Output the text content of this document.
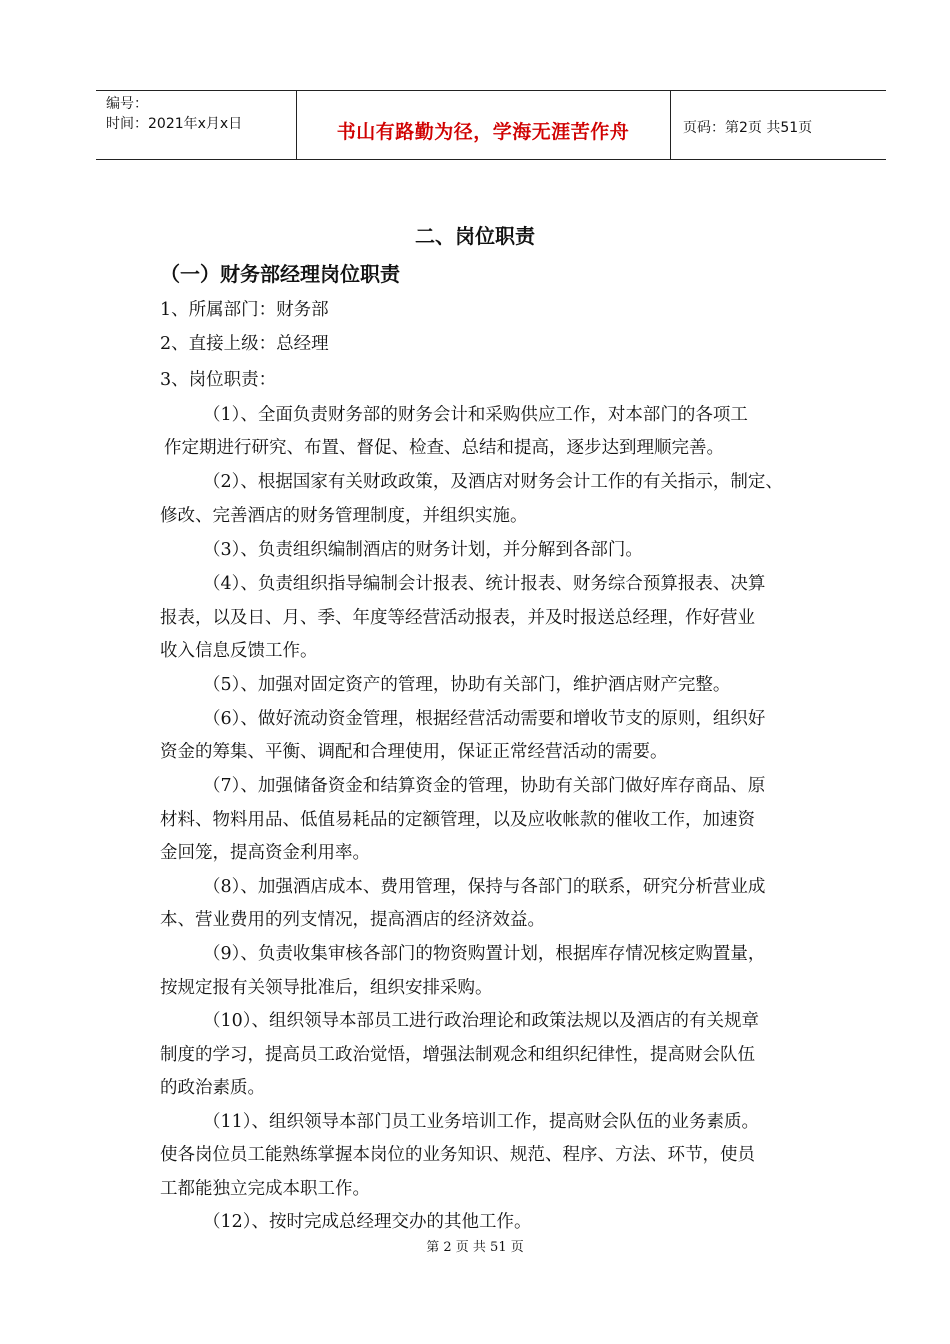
编号：
时间：2021年x月x日	书山有路勤为径，学海无涯苦作舟	页码：第2页 共51页
二、岗位职责
（一）财务部经理岗位职责
1、所属部门：财务部
2、直接上级：总经理
3、岗位职责：
（1）、全面负责财务部的财务会计和采购供应工作，对本部门的各项工
作定期进行研究、布置、督促、检查、总结和提高，逐步达到理顺完善。
（2）、根据国家有关财政政策，及酒店对财务会计工作的有关指示，制定、
修改、完善酒店的财务管理制度，并组织实施。
（3）、负责组织编制酒店的财务计划，并分解到各部门。
（4）、负责组织指导编制会计报表、统计报表、财务综合预算报表、决算
报表，以及日、月、季、年度等经营活动报表，并及时报送总经理，作好营业
收入信息反馈工作。
（5）、加强对固定资产的管理，协助有关部门，维护酒店财产完整。
（6）、做好流动资金管理，根据经营活动需要和增收节支的原则，组织好
资金的筹集、平衡、调配和合理使用，保证正常经营活动的需要。
（7）、加强储备资金和结算资金的管理，协助有关部门做好库存商品、原
材料、物料用品、低值易耗品的定额管理，以及应收帐款的催收工作，加速资
金回笼，提高资金利用率。
（8）、加强酒店成本、费用管理，保持与各部门的联系，研究分析营业成
本、营业费用的列支情况，提高酒店的经济效益。
（9）、负责收集审核各部门的物资购置计划，根据库存情况核定购置量，
按规定报有关领导批准后，组织安排采购。
（10）、组织领导本部员工进行政治理论和政策法规以及酒店的有关规章
制度的学习，提高员工政治觉悟，增强法制观念和组织纪律性，提高财会队伍
的政治素质。
（11）、组织领导本部门员工业务培训工作，提高财会队伍的业务素质。
使各岗位员工能熟练掌握本岗位的业务知识、规范、程序、方法、环节，使员
工都能独立完成本职工作。
（12）、按时完成总经理交办的其他工作。
第 2 页 共 51 页
